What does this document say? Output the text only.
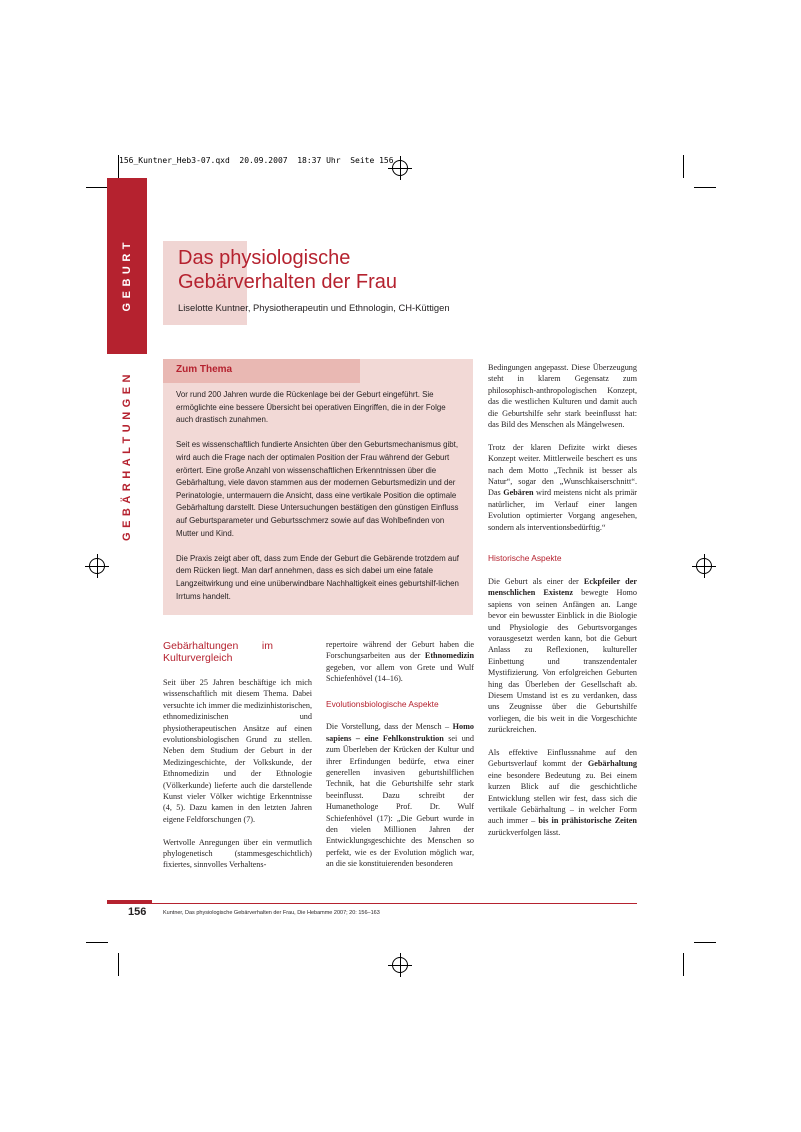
156_Kuntner_Heb3-07.qxd  20.09.2007  18:37 Uhr  Seite 156
GEBURT
GEBÄRHALTUNGEN
Das physiologische
Gebärverhalten der Frau
Liselotte Kuntner, Physiotherapeutin und Ethnologin, CH-Küttigen
Zum Thema

Vor rund 200 Jahren wurde die Rückenlage bei der Geburt eingeführt. Sie ermöglichte eine bessere Übersicht bei operativen Eingriffen, die in der Folge auch drastisch zunahmen.

Seit es wissenschaftlich fundierte Ansichten über den Geburtsmechanismus gibt, wird auch die Frage nach der optimalen Position der Frau während der Geburt erörtert. Eine große Anzahl von wissenschaftlichen Erkenntnissen über die Gebärhaltung, viele davon stammen aus der modernen Geburtsmedizin und der Perinatologie, untermauern die Ansicht, dass eine vertikale Position die optimale Gebärhaltung darstellt. Diese Untersuchungen bestätigen den günstigen Einfluss auf Geburtsparameter und Geburtsschmerz sowie auf das Wohlbefinden von Mutter und Kind.

Die Praxis zeigt aber oft, dass zum Ende der Geburt die Gebärende trotzdem auf dem Rücken liegt. Man darf annehmen, dass es sich dabei um eine fatale Langzeitwirkung und eine unüberwindbare Nachhaltigkeit eines geburtshilf-lichen Irrtums handelt.

Gebärhaltungen im Kulturvergleich

Seit über 25 Jahren beschäftige ich mich wissenschaftlich mit diesem Thema. Dabei versuchte ich immer die medizinhistorischen, ethnomedizinischen und physiotherapeutischen Ansätze auf einen evolutionsbiologischen Grund zu stellen. Neben dem Studium der Geburt in der Medizingeschichte, der Volkskunde, der Ethnomedizin und der Ethnologie (Völkerkunde) lieferte auch die darstellende Kunst vieler Völker wichtige Erkenntnisse (4, 5). Dazu kamen in den letzten Jahren eigene Feldforschungen (7).

Wertvolle Anregungen über ein vermutlich phylogenetisch (stammesgeschichtlich) fixiertes, sinnvolles Verhaltens-

repertoire während der Geburt haben die Forschungsarbeiten aus der Ethnomedizin gegeben, vor allem von Grete und Wulf Schiefenhövel (14–16).

Evolutionsbiologische Aspekte

Die Vorstellung, dass der Mensch – Homo sapiens – eine Fehlkonstruktion sei und zum Überleben der Krücken der Kultur und ihrer Erfindungen bedürfe, etwa einer generellen invasiven geburtshilflichen Technik, hat die Geburtshilfe sehr stark beeinflusst. Dazu schreibt der Humanethologe Prof. Dr. Wulf Schiefenhövel (17): „Die Geburt wurde in den vielen Millionen Jahren der Entwicklungsgeschichte des Menschen so perfekt, wie es der Evolution möglich war, an die sie konstituierenden besonderen

Bedingungen angepasst. Diese Überzeugung steht in klarem Gegensatz zum philosophisch-anthropologischen Konzept, das die westlichen Kulturen und damit auch die Geburtshilfe sehr stark beeinflusst hat: das Bild des Menschen als Mängelwesen.

Trotz der klaren Defizite wirkt dieses Konzept weiter. Mittlerweile beschert es uns nach dem Motto „Technik ist besser als Natur“, sogar den „Wunschkaiserschnitt“. Das Gebären wird meistens nicht als primär natürlicher, im Verlauf einer langen Evolution optimierter Vorgang angesehen, sondern als interventionsbedürftig.“

Historische Aspekte

Die Geburt als einer der Eckpfeiler der menschlichen Existenz bewegte Homo sapiens von seinen Anfängen an. Lange bevor ein bewusster Einblick in die Biologie und Physiologie des Geburtsvorganges vorausgesetzt werden kann, bot die Geburt Anlass zu Reflexionen, kultureller Einbettung und transzendentaler Mystifizierung. Von erfolgreichen Geburten hing das Überleben der Gesellschaft ab. Diesem Umstand ist es zu verdanken, dass uns Zeugnisse über die Geburtshilfe vorliegen, die bis weit in die Vorgeschichte zurückreichen.

Als effektive Einflussnahme auf den Geburtsverlauf kommt der Gebärhaltung eine besondere Bedeutung zu. Bei einem kurzen Blick auf die geschichtliche Entwicklung stellen wir fest, dass sich die vertikale Gebärhaltung – in welcher Form auch immer – bis in prähistorische Zeiten zurückverfolgen lässt.

156	Kuntner, Das physiologische Gebärverhalten der Frau, Die Hebamme 2007; 20: 156–163
